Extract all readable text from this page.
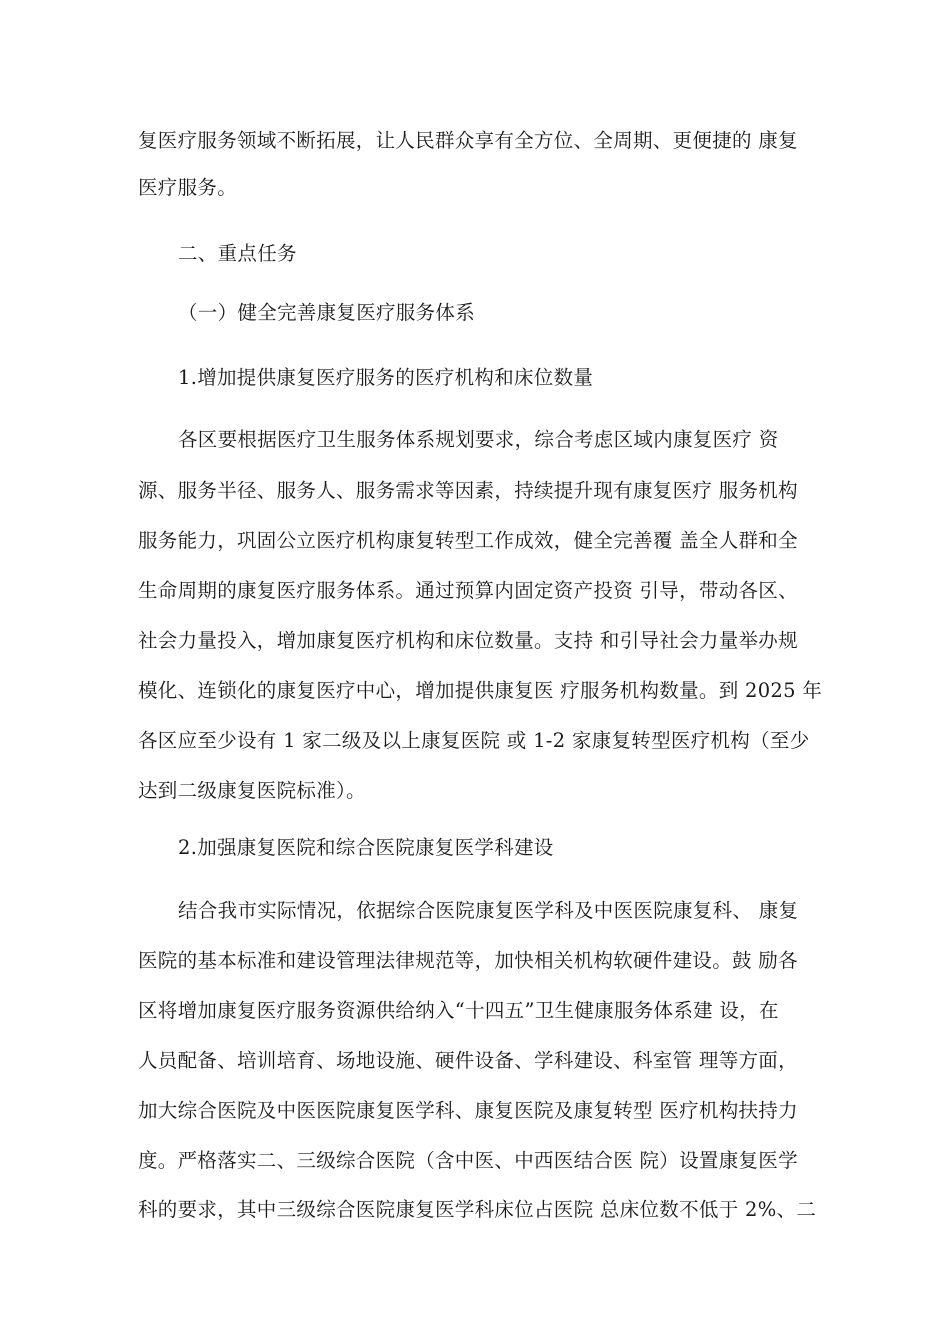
复医疗服务领域不断拓展，让人民群众享有全方位、全周期、更便捷的 康复
医疗服务。
二、重点任务
（一）健全完善康复医疗服务体系
1.增加提供康复医疗服务的医疗机构和床位数量
各区要根据医疗卫生服务体系规划要求，综合考虑区域内康复医疗 资
源、服务半径、服务人、服务需求等因素，持续提升现有康复医疗 服务机构
服务能力，巩固公立医疗机构康复转型工作成效，健全完善覆 盖全人群和全
生命周期的康复医疗服务体系。通过预算内固定资产投资 引导，带动各区、
社会力量投入，增加康复医疗机构和床位数量。支持 和引导社会力量举办规
模化、连锁化的康复医疗中心，增加提供康复医 疗服务机构数量。到 2025 年
各区应至少设有 1 家二级及以上康复医院 或 1-2 家康复转型医疗机构（至少
达到二级康复医院标准）。
2.加强康复医院和综合医院康复医学科建设
结合我市实际情况，依据综合医院康复医学科及中医医院康复科、 康复
医院的基本标准和建设管理法律规范等，加快相关机构软硬件建设。鼓 励各
区将增加康复医疗服务资源供给纳入“十四五”卫生健康服务体系建 设，在
人员配备、培训培育、场地设施、硬件设备、学科建设、科室管 理等方面，
加大综合医院及中医医院康复医学科、康复医院及康复转型 医疗机构扶持力
度。严格落实二、三级综合医院（含中医、中西医结合医 院）设置康复医学
科的要求，其中三级综合医院康复医学科床位占医院 总床位数不低于 2%、二
